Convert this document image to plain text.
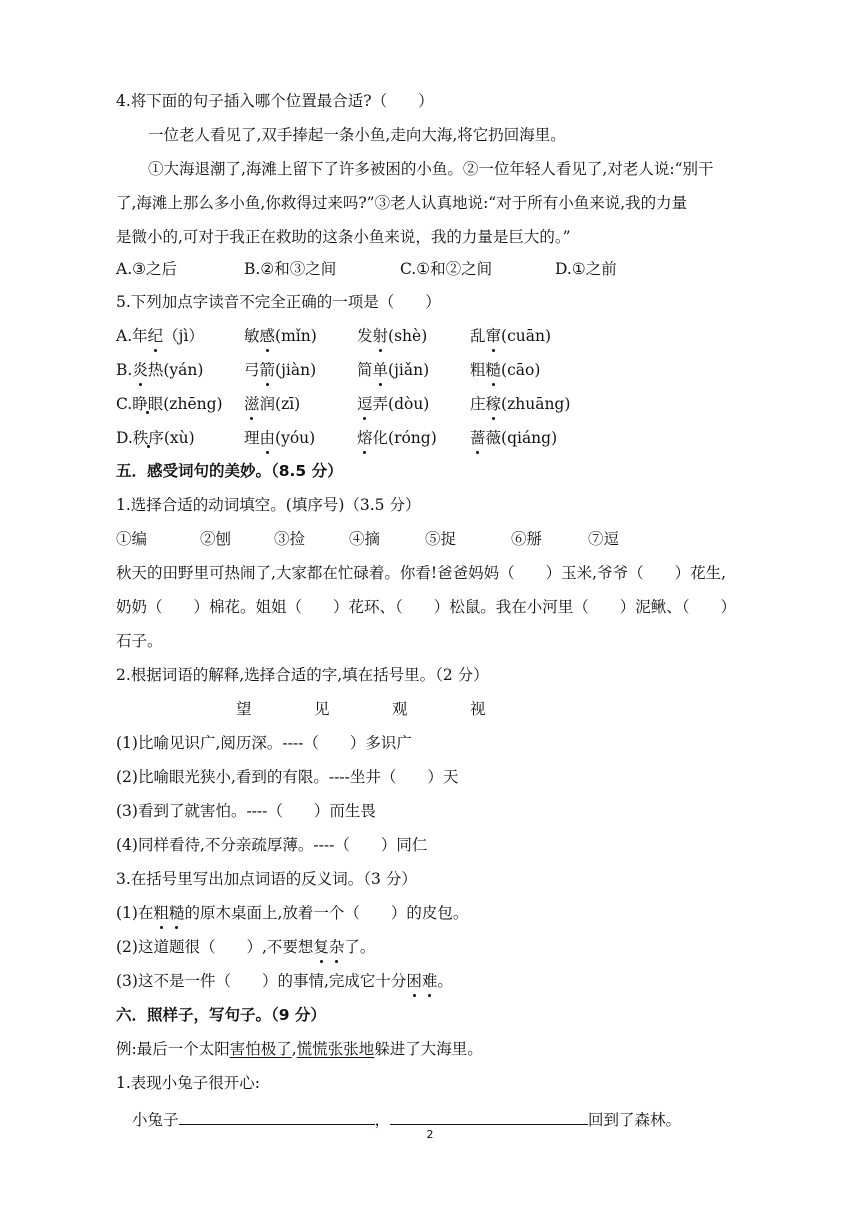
4.将下面的句子插入哪个位置最合适?（　　）
一位老人看见了,双手捧起一条小鱼,走向大海,将它扔回海里。
①大海退潮了,海滩上留下了许多被困的小鱼。②一位年轻人看见了,对老人说:“别干
了,海滩上那么多小鱼,你救得过来吗?”③老人认真地说:“对于所有小鱼来说,我的力量
是微小的,可对于我正在救助的这条小鱼来说，我的力量是巨大的。”
A.③之后	B.②和③之间	C.①和②之间	D.①之前
5.下列加点字读音不完全正确的一项是（　　）
A.年纪（jì）	敏感(mǐn)	发射(shè)	乱窜(cuān)
B.炎热(yán)	弓箭(jiàn)	简单(jiǎn)	粗糙(cāo)
C.睁眼(zhēng)	滋润(zī)	逗弄(dòu)	庄稼(zhuāng)
D.秩序(xù)	理由(yóu)	熔化(róng)	蔷薇(qiáng)
五．感受词句的美妙。（8.5 分）
1.选择合适的动词填空。(填序号)（3.5 分）
①编	②刨	③捡	④摘	⑤捉	⑥掰	⑦逗
秋天的田野里可热闹了,大家都在忙碌着。你看!爸爸妈妈（　　）玉米,爷爷（　　）花生,
奶奶（　　）棉花。姐姐（　　）花环、（　　）松鼠。我在小河里（　　）泥鳅、（　　）
石子。
2.根据词语的解释,选择合适的字,填在括号里。（2 分）
望	见	观	视
(1)比喻见识广,阅历深。----（　　）多识广
(2)比喻眼光狭小,看到的有限。----坐井（　　）天
(3)看到了就害怕。----（　　）而生畏
(4)同样看待,不分亲疏厚薄。----（　　）同仁
3.在括号里写出加点词语的反义词。（3 分）
(1)在粗糙的原木桌面上,放着一个（　　）的皮包。
(2)这道题很（　　）,不要想复杂了。
(3)这不是一件（　　）的事情,完成它十分困难。
六．照样子，写句子。（9 分）
例:最后一个太阳害怕极了,慌慌张张地躲进了大海里。
1.表现小兔子很开心:
小兔子	，	回到了森林。
2
